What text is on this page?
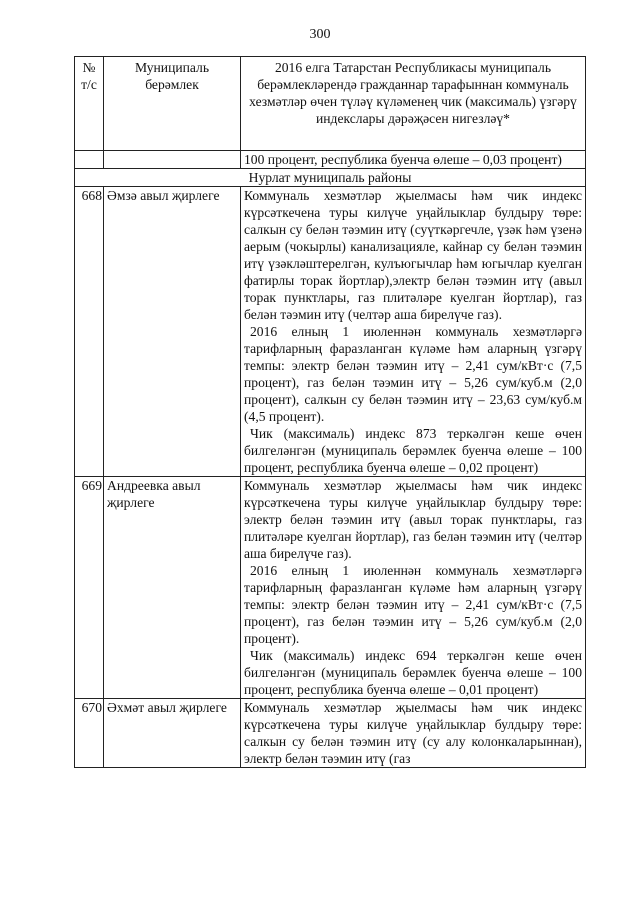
300
№ т/с	Муниципаль берәмлек	2016 елга Татарстан Республикасы муниципаль берәмлекләрендә гражданнар тарафыннан коммуналь хезмәтләр өчен түләү күләменең чик (максималь) үзгәрү индекслары дәрәҗәсен нигезләү*
		100 процент, республика буенча өлеше – 0,03 процент)
Нурлат муниципаль районы		
668	Әмзә авыл җирлеге	Коммуналь хезмәтләр җыелмасы һәм чик индекс күрсәткечена туры килүче уңайлыклар булдыру төре: салкын су белән тәэмин итү (суүткәргечле, үзәк һәм үзенә аерым (чокырлы) канализацияле, кайнар су белән тәэмин итү үзәкләштерелгән, кулъюгычлар һәм югычлар куелган фатирлы торак йортлар),электр белән тәэмин итү (авыл торак пунктлары, газ плитәләре куелган йортлар), газ белән тәэмин итү (челтәр аша бирелүче газ).

2016 елның 1 июленнән коммуналь хезмәтләргә тарифларның фаразланган күләме һәм аларның үзгәрү темпы: электр белән тәэмин итү – 2,41 сум/кВт·с (7,5 процент), газ белән тәэмин итү – 5,26 сум/куб.м (2,0 процент), салкын су белән тәэмин итү – 23,63 сум/куб.м (4,5 процент).

Чик (максималь) индекс 873 теркәлгән кеше өчен билгеләнгән (муниципаль берәмлек буенча өлеше – 100 процент, республика буенча өлеше – 0,02 процент)

669	Андреевка авыл җирлеге	Коммуналь хезмәтләр җыелмасы һәм чик индекс күрсәткечена туры килүче уңайлыклар булдыру төре: электр белән тәэмин итү (авыл торак пунктлары, газ плитәләре куелган йортлар), газ белән тәэмин итү (челтәр аша бирелүче газ).

2016 елның 1 июленнән коммуналь хезмәтләргә тарифларның фаразланган күләме һәм аларның үзгәрү темпы: электр белән тәэмин итү – 2,41 сум/кВт·с (7,5 процент), газ белән тәэмин итү – 5,26 сум/куб.м (2,0 процент).

Чик (максималь) индекс 694 теркәлгән кеше өчен билгеләнгән (муниципаль берәмлек буенча өлеше – 100 процент, республика буенча өлеше – 0,01 процент)

670	Әхмәт авыл җирлеге	Коммуналь хезмәтләр җыелмасы һәм чик индекс күрсәткечена туры килүче уңайлыклар булдыру төре: салкын су белән тәэмин итү (су алу колонкаларыннан), электр белән тәэмин итү (газ
